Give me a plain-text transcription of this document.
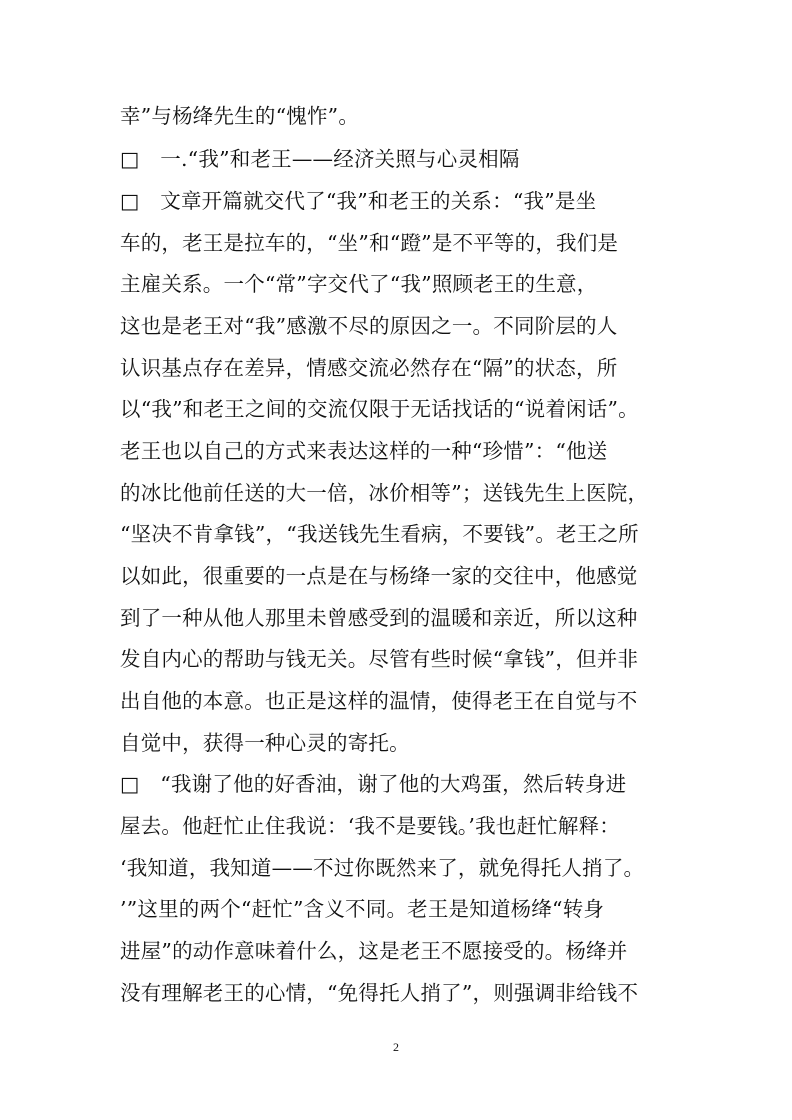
幸”与杨绛先生的“愧怍”。
□　一.“我”和老王——经济关照与心灵相隔
□　文章开篇就交代了“我”和老王的关系：“我”是坐
车的，老王是拉车的，“坐”和“蹬”是不平等的，我们是
主雇关系。一个“常”字交代了“我”照顾老王的生意，
这也是老王对“我”感激不尽的原因之一。不同阶层的人
认识基点存在差异，情感交流必然存在“隔”的状态，所
以“我”和老王之间的交流仅限于无话找话的“说着闲话”。
老王也以自己的方式来表达这样的一种“珍惜”：“他送
的冰比他前任送的大一倍，冰价相等”；送钱先生上医院，
“坚决不肯拿钱”，“我送钱先生看病，不要钱”。老王之所
以如此，很重要的一点是在与杨绛一家的交往中，他感觉
到了一种从他人那里未曾感受到的温暖和亲近，所以这种
发自内心的帮助与钱无关。尽管有些时候“拿钱”，但并非
出自他的本意。也正是这样的温情，使得老王在自觉与不
自觉中，获得一种心灵的寄托。
□　“我谢了他的好香油，谢了他的大鸡蛋，然后转身进
屋去。他赶忙止住我说：‘我不是要钱。’我也赶忙解释：
‘我知道，我知道——不过你既然来了，就免得托人捎了。
’”这里的两个“赶忙”含义不同。老王是知道杨绛“转身
进屋”的动作意味着什么，这是老王不愿接受的。杨绛并
没有理解老王的心情，“免得托人捎了”，则强调非给钱不
2
